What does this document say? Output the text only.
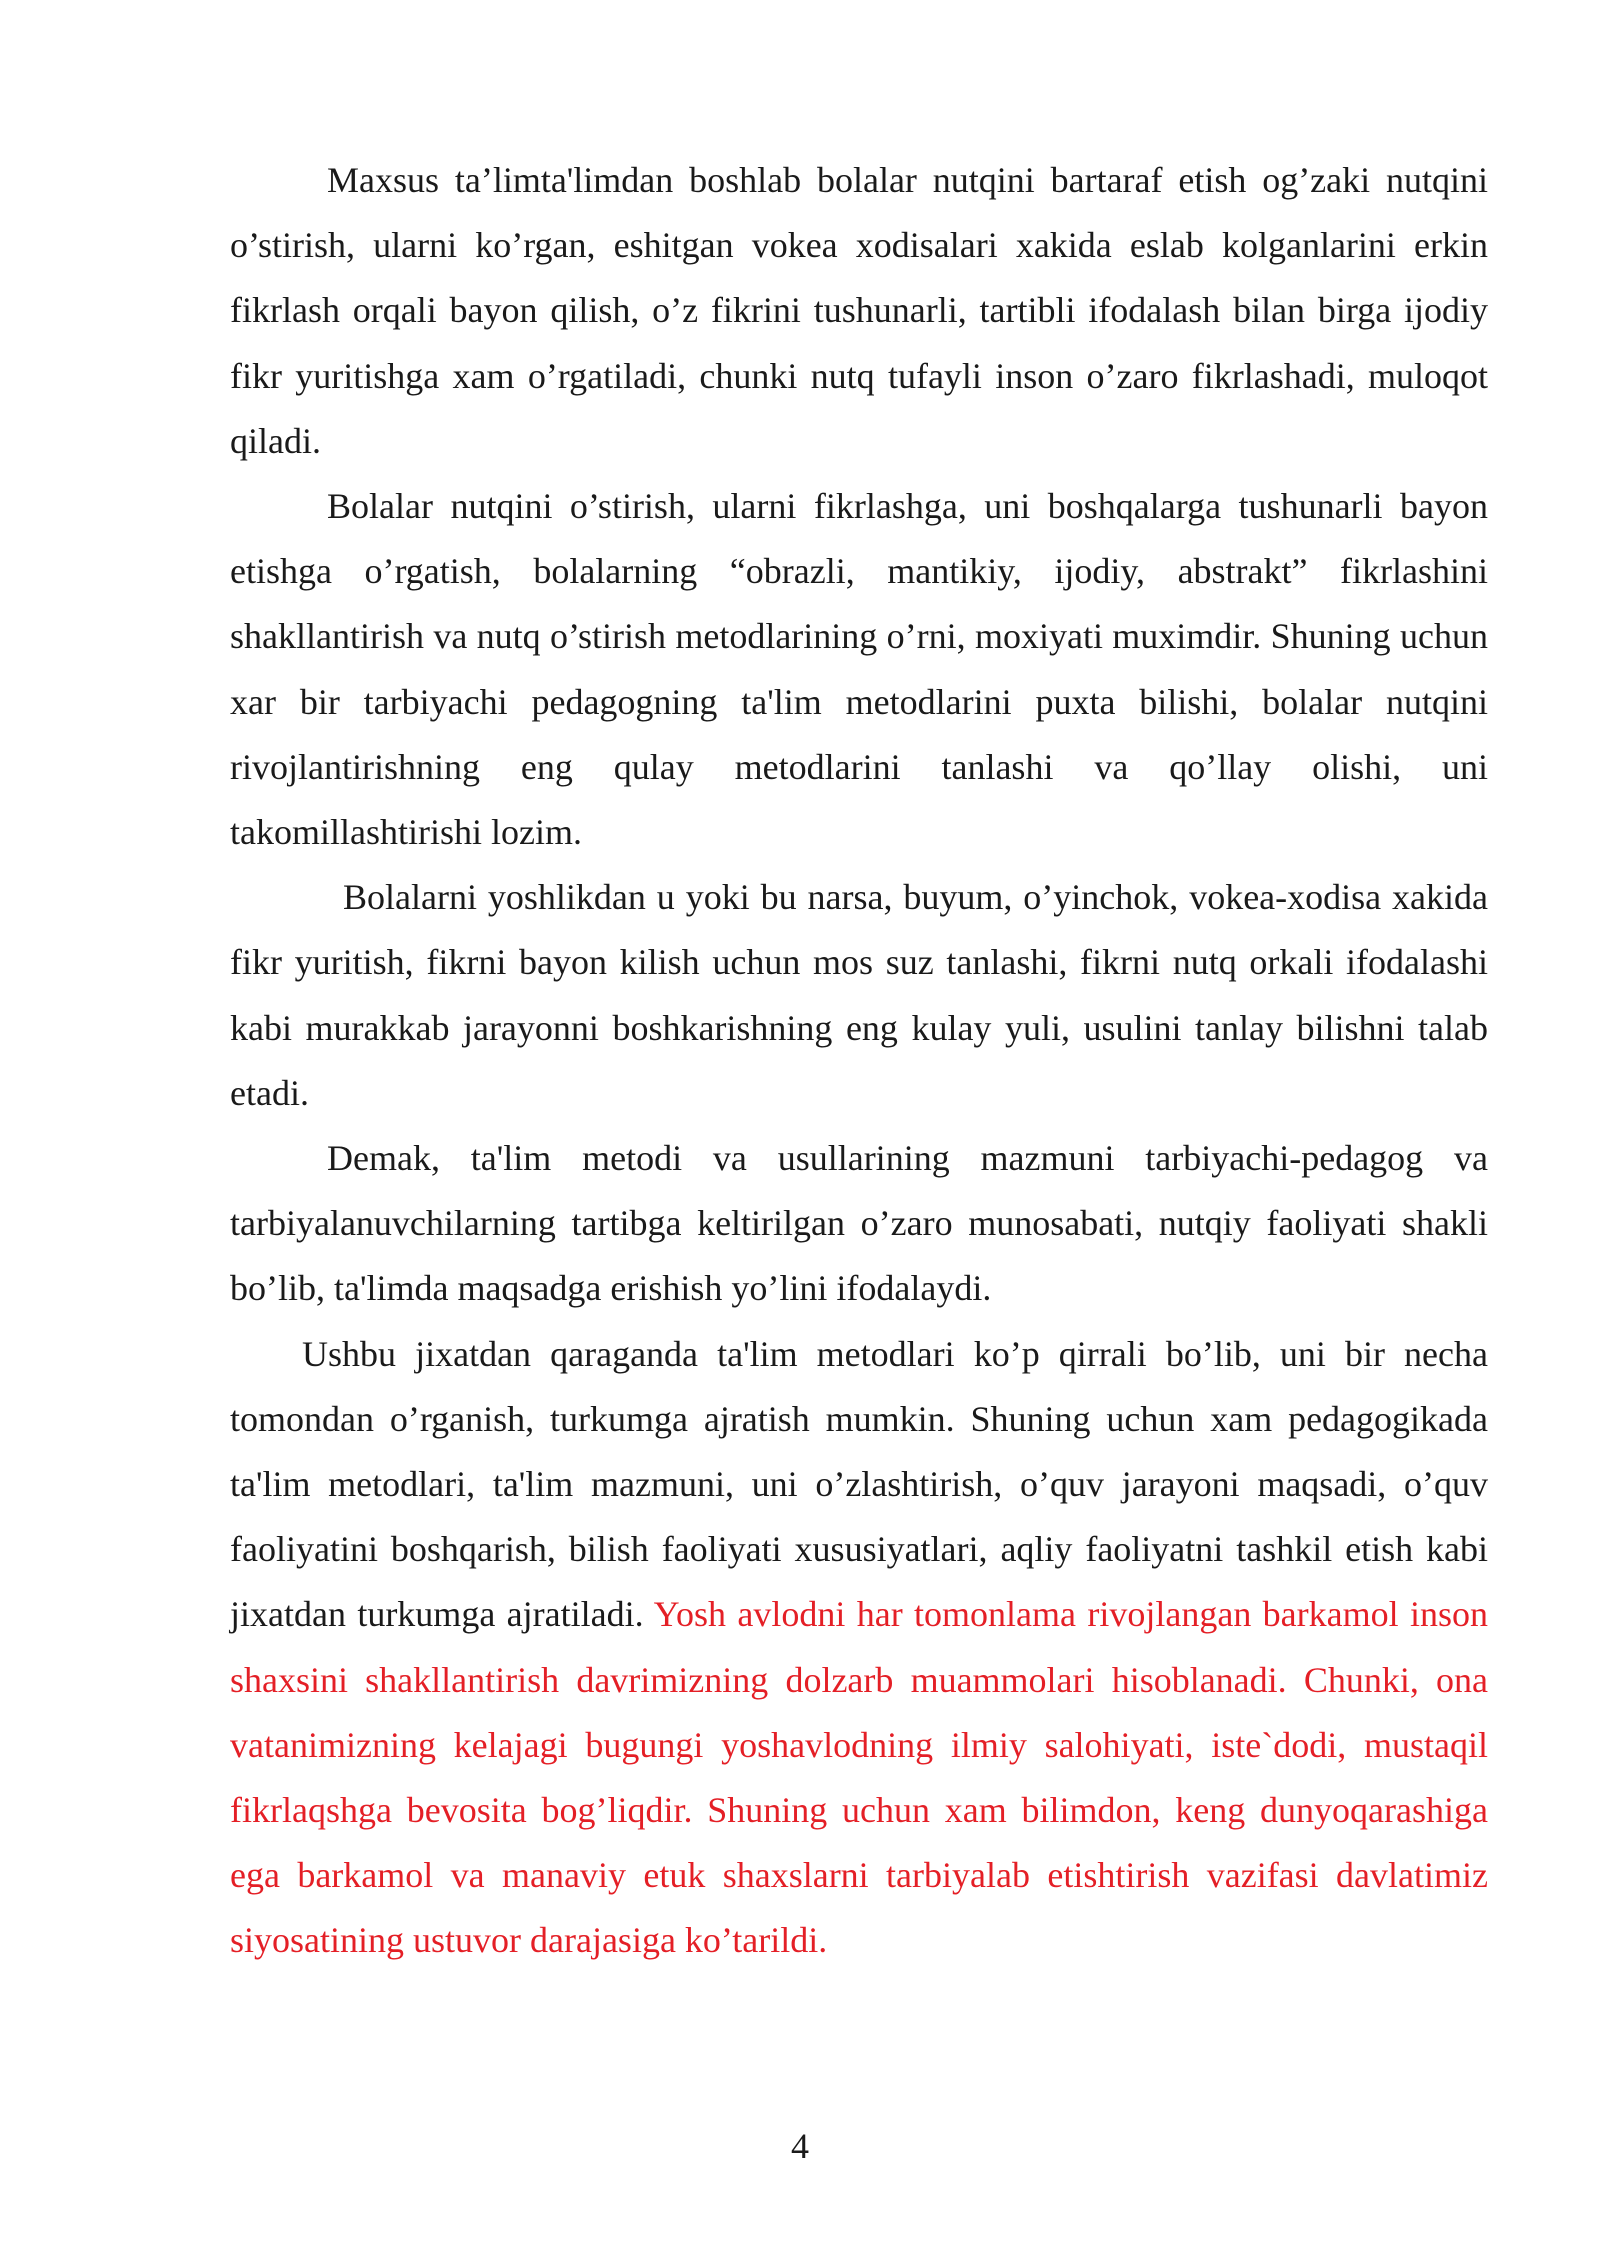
Maxsus ta’limta'limdan boshlab bolalar nutqini bartaraf etish og’zaki nutqini o’stirish, ularni ko’rgan, eshitgan vokea xodisalari xakida eslab kolganlarini erkin fikrlash orqali bayon qilish, o’z fikrini tushunarli, tartibli ifodalash bilan birga ijodiy fikr yuritishga xam o’rgatiladi, chunki nutq tufayli inson o’zaro fikrlashadi, muloqot qiladi.

Bolalar nutqini o’stirish, ularni fikrlashga, uni boshqalarga tushunarli bayon etishga o’rgatish, bolalarning “obrazli, mantikiy, ijodiy, abstrakt” fikrlashini shakllantirish va nutq o’stirish metodlarining o’rni, moxiyati muximdir. Shuning uchun xar bir tarbiyachi pedagogning ta'lim metodlarini puxta bilishi, bolalar nutqini rivojlantirishning eng qulay metodlarini tanlashi va qo’llay olishi, uni takomillashtirishi lozim.

Bolalarni yoshlikdan u yoki bu narsa, buyum, o’yinchok, vokea-xodisa xakida fikr yuritish, fikrni bayon kilish uchun mos suz tanlashi, fikrni nutq orkali ifodalashi kabi murakkab jarayonni boshkarishning eng kulay yuli, usulini tanlay bilishni talab etadi.

Demak, ta'lim metodi va usullarining mazmuni tarbiyachi-pedagog va tarbiyalanuvchilarning tartibga keltirilgan o’zaro munosabati, nutqiy faoliyati shakli bo’lib, ta'limda maqsadga erishish yo’lini ifodalaydi.

Ushbu jixatdan qaraganda ta'lim metodlari ko’p qirrali bo’lib, uni bir necha tomondan o’rganish, turkumga ajratish mumkin. Shuning uchun xam pedagogikada ta'lim metodlari, ta'lim mazmuni, uni o’zlashtirish, o’quv jarayoni maqsadi, o’quv faoliyatini boshqarish, bilish faoliyati xususiyatlari, aqliy faoliyatni tashkil etish kabi jixatdan turkumga ajratiladi. Yosh avlodni har tomonlama rivojlangan barkamol inson shaxsini shakllantirish davrimizning dolzarb muammolari hisoblanadi. Chunki, ona vatanimizning kelajagi bugungi yoshavlodning ilmiy salohiyati, iste`dodi, mustaqil fikrlaqshga bevosita bog’liqdir. Shuning uchun xam bilimdon, keng dunyoqarashiga ega barkamol va manaviy etuk shaxslarni tarbiyalab etishtirish vazifasi davlatimiz siyosatining ustuvor darajasiga ko’tarildi.

4
